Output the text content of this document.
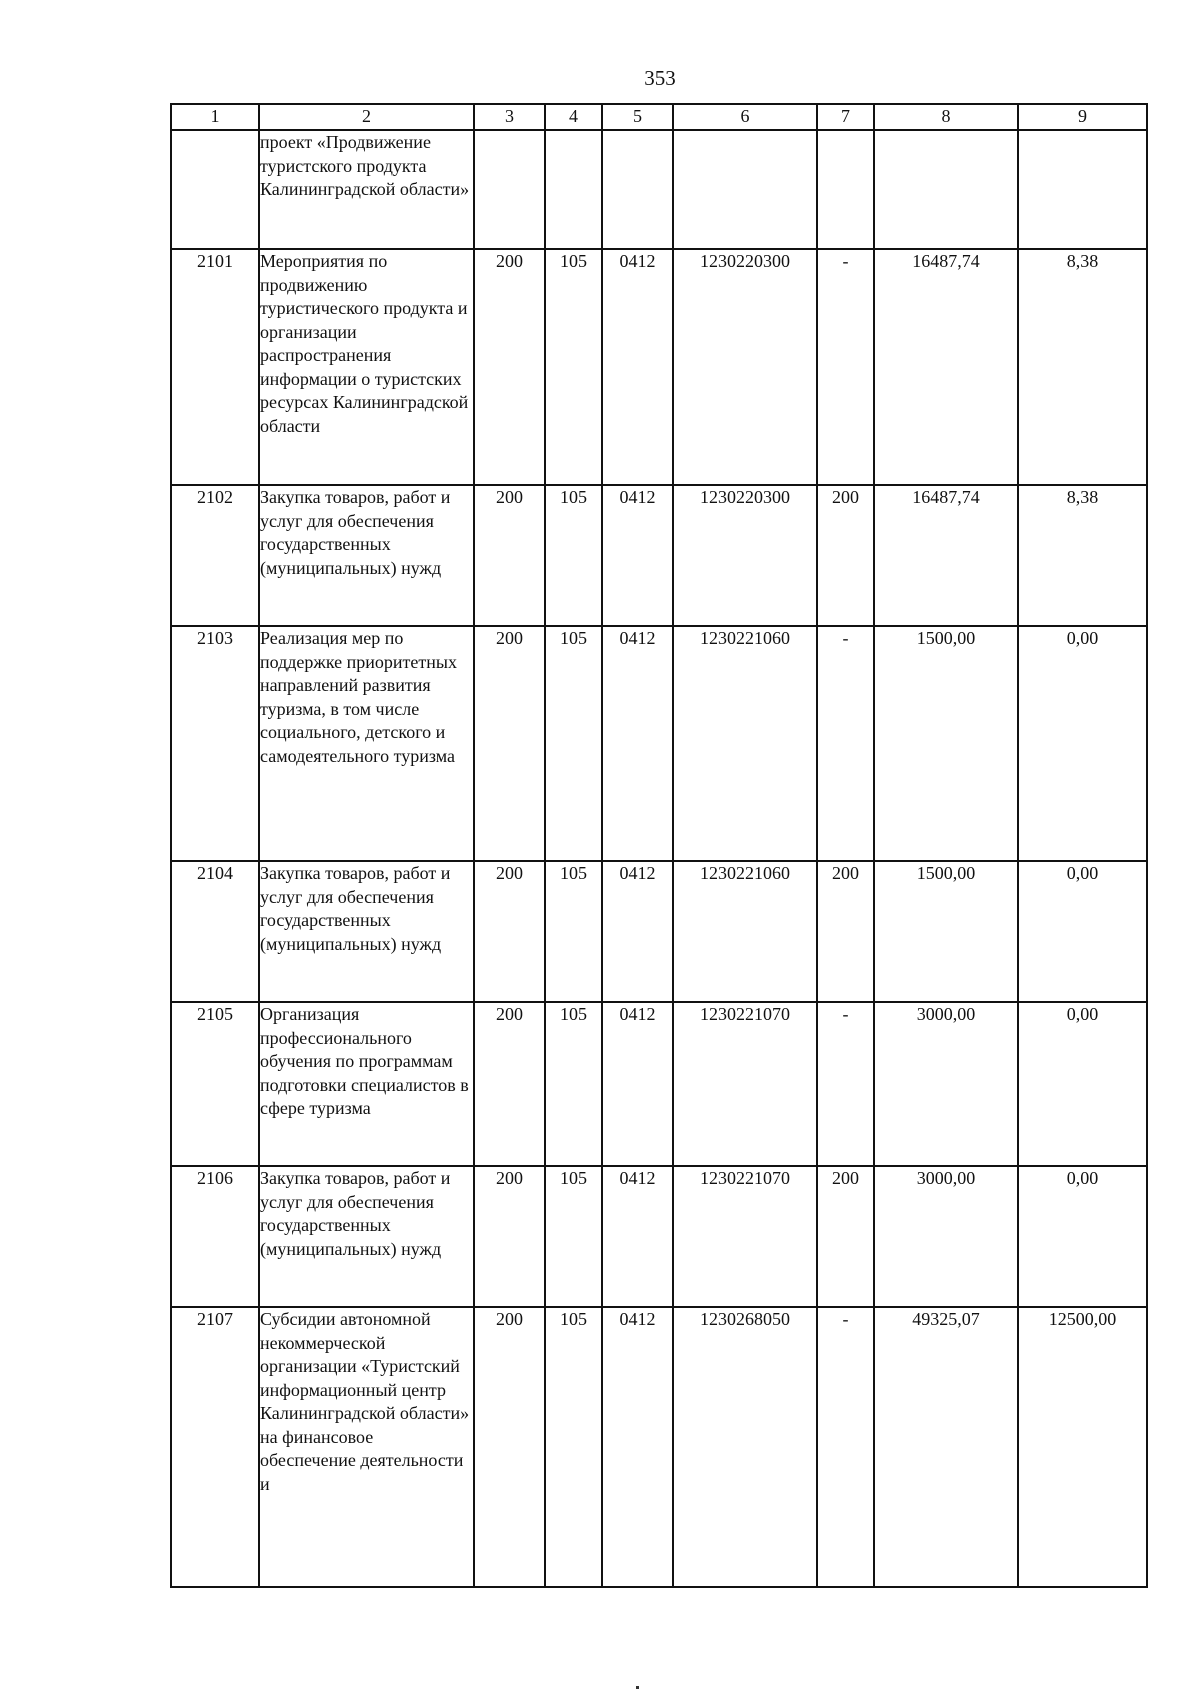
353
1	2	3	4	5	6	7	8	9
	проект «Продвижение туристского продукта Калининградской области»							
2101	Мероприятия по продвижению туристического продукта и организации распространения информации о туристских ресурсах Калининградской области	200	105	0412	1230220300	-	16487,74	8,38
2102	Закупка товаров, работ и услуг для обеспечения государственных (муниципальных) нужд	200	105	0412	1230220300	200	16487,74	8,38
2103	Реализация мер по поддержке приоритетных направлений развития туризма, в том числе социального, детского и самодеятельного туризма	200	105	0412	1230221060	-	1500,00	0,00
2104	Закупка товаров, работ и услуг для обеспечения государственных (муниципальных) нужд	200	105	0412	1230221060	200	1500,00	0,00
2105	Организация профессионального обучения по программам подготовки специалистов в сфере туризма	200	105	0412	1230221070	-	3000,00	0,00
2106	Закупка товаров, работ и услуг для обеспечения государственных (муниципальных) нужд	200	105	0412	1230221070	200	3000,00	0,00
2107	Субсидии автономной некоммерческой организации «Туристский информационный центр Калининградской области» на финансовое обеспечение деятельности и	200	105	0412	1230268050	-	49325,07	12500,00
